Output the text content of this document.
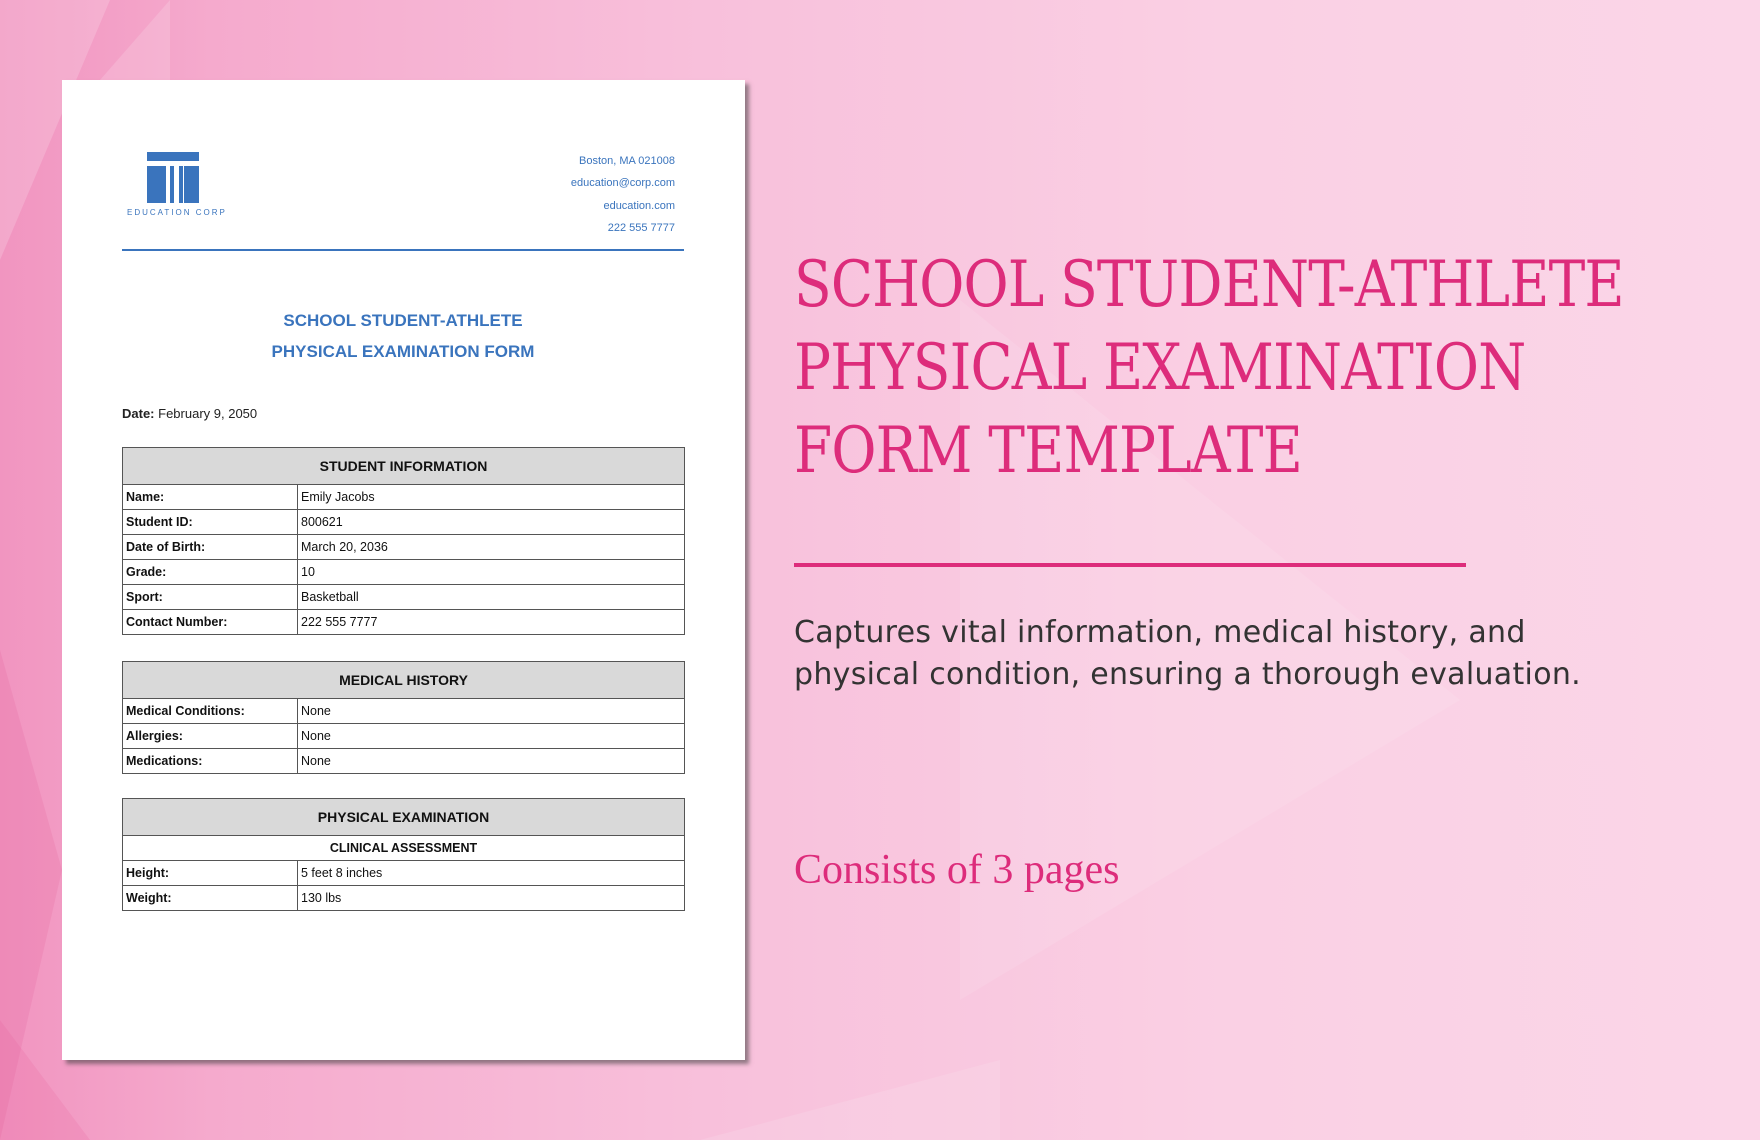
EDUCATION CORP
Boston, MA 021008
education@corp.com
education.com
222 555 7777
SCHOOL STUDENT-ATHLETE
PHYSICAL EXAMINATION FORM
Date: February 9, 2050
STUDENT INFORMATION	
Name:	Emily Jacobs
Student ID:	800621
Date of Birth:	March 20, 2036
Grade:	10
Sport:	Basketball
Contact Number:	222 555 7777
MEDICAL HISTORY	
Medical Conditions:	None
Allergies:	None
Medications:	None
PHYSICAL EXAMINATION	
CLINICAL ASSESSMENT	
Height:	5 feet 8 inches
Weight:	130 lbs
SCHOOL STUDENT-ATHLETE
PHYSICAL EXAMINATION
FORM TEMPLATE
Captures vital information, medical history, and physical condition, ensuring a thorough evaluation.
Consists of 3 pages
